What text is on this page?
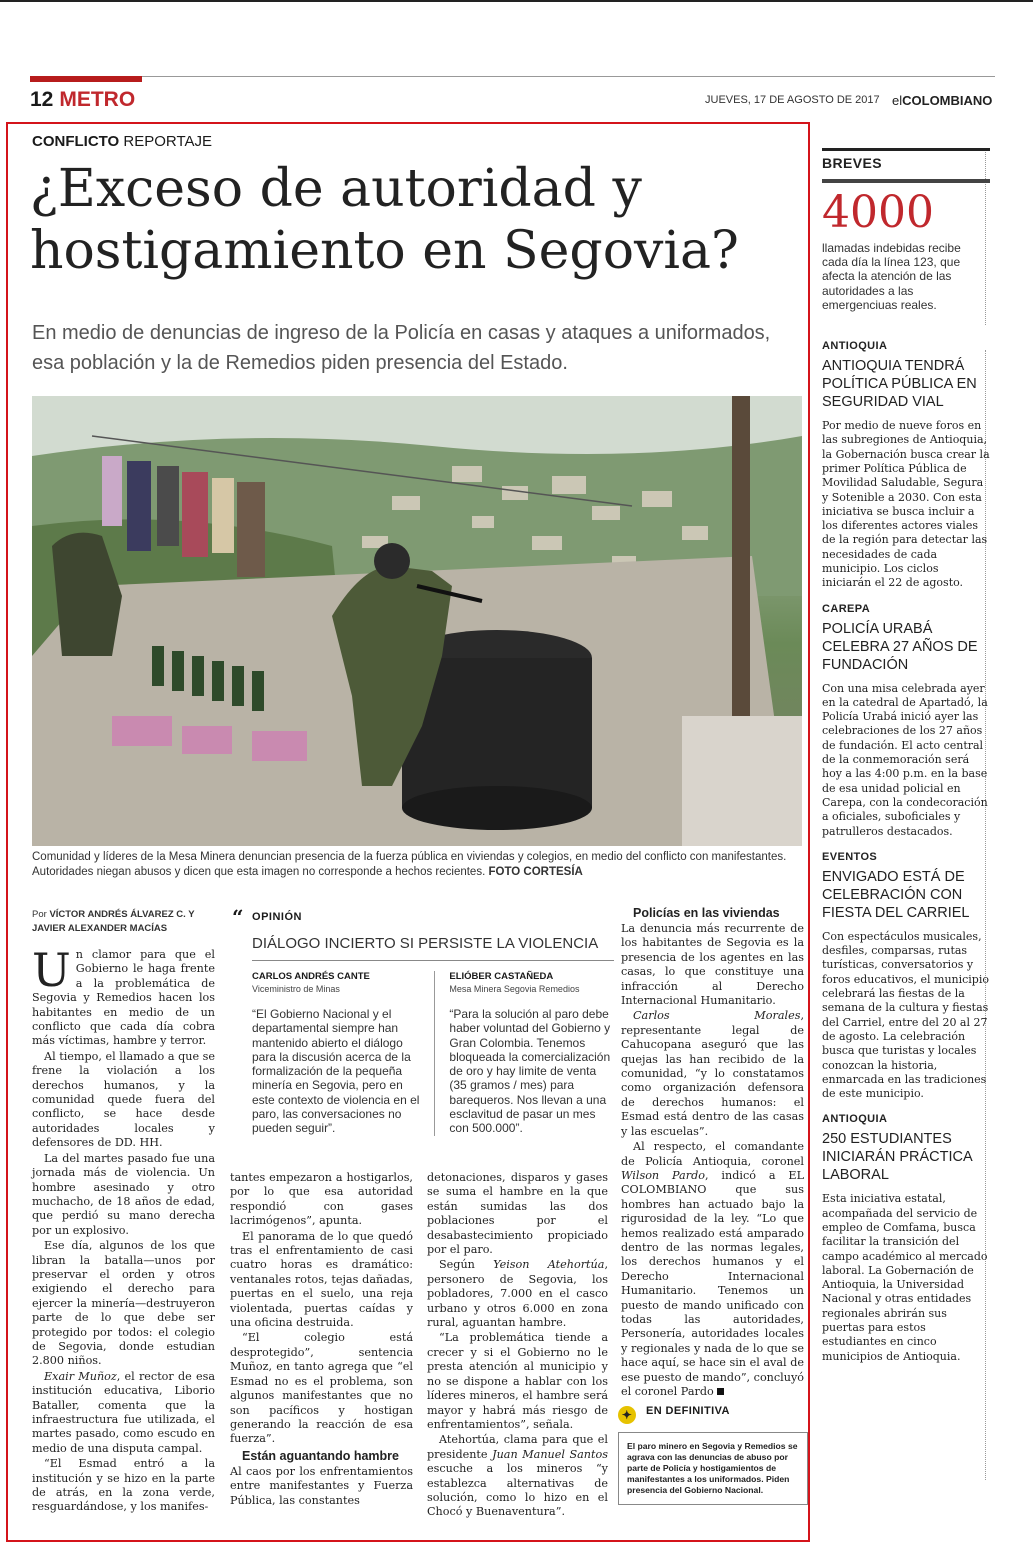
12 METRO	JUEVES, 17 DE AGOSTO DE 2017 elCOLOMBIANO
CONFLICTO REPORTAJE
¿Exceso de autoridad y hostigamiento en Segovia?
En medio de denuncias de ingreso de la Policía en casas y ataques a uniformados, esa población y la de Remedios piden presencia del Estado.
Comunidad y líderes de la Mesa Minera denuncian presencia de la fuerza pública en viviendas y colegios, en medio del conflicto con manifestantes. Autoridades niegan abusos y dicen que esta imagen no corresponde a hechos recientes. FOTO CORTESÍA
Por VÍCTOR ANDRÉS ÁLVAREZ C. Y JAVIER ALEXANDER MACÍAS

Un clamor para que el Gobierno le haga frente a la problemática de Segovia y Remedios hacen los habitantes en medio de un conflicto que cada día cobra más víctimas, hambre y terror.

Al tiempo, el llamado a que se frene la violación a los derechos humanos, y la comunidad quede fuera del conflicto, se hace desde autoridades locales y defensores de DD. HH.

La del martes pasado fue una jornada más de violencia. Un hombre asesinado y otro muchacho, de 18 años de edad, que perdió su mano derecha por un explosivo.

Ese día, algunos de los que libran la batalla—unos por preservar el orden y otros exigiendo el derecho para ejercer la minería—destruyeron parte de lo que debe ser protegido por todos: el colegio de Segovia, donde estudian 2.800 niños.

Exair Muñoz, el rector de esa institución educativa, Liborio Bataller, comenta que la infraestructura fue utilizada, el martes pasado, como escudo en medio de una disputa campal.

“El Esmad entró a la institución y se hizo en la parte de atrás, en la zona verde, resguardándose, y los manifes-

“ OPINIÓN
DIÁLOGO INCIERTO SI PERSISTE LA VIOLENCIA
CARLOS ANDRÉS CANTE
Viceministro de Minas
“El Gobierno Nacional y el departamental siempre han mantenido abierto el diálogo para la discusión acerca de la formalización de la pequeña minería en Segovia, pero en este contexto de violencia en el paro, las conversaciones no pueden seguir”.
ELIÓBER CASTAÑEDA
Mesa Minera Segovia Remedios
“Para la solución al paro debe haber voluntad del Gobierno y Gran Colombia. Tenemos bloqueada la comercialización de oro y hay limite de venta (35 gramos / mes) para barequeros. Nos llevan a una esclavitud de pasar un mes con 500.000”.

tantes empezaron a hostigarlos, por lo que esa autoridad respondió con gases lacrimógenos”, apunta.

El panorama de lo que quedó tras el enfrentamiento de casi cuatro horas es dramático: ventanales rotos, tejas dañadas, puertas en el suelo, una reja violentada, puertas caídas y una oficina destruida.

“El colegio está desprotegido”, sentencia Muñoz, en tanto agrega que “el Esmad no es el problema, son algunos manifestantes que no son pacíficos y hostigan generando la reacción de esa fuerza”.

Están aguantando hambre

Al caos por los enfrentamientos entre manifestantes y Fuerza Pública, las constantes

detonaciones, disparos y gases se suma el hambre en la que están sumidas las dos poblaciones por el desabastecimiento propiciado por el paro.

Según Yeison Atehortúa, personero de Segovia, los pobladores, 7.000 en el casco urbano y otros 6.000 en zona rural, aguantan hambre.

“La problemática tiende a crecer y si el Gobierno no le presta atención al municipio y no se dispone a hablar con los líderes mineros, el hambre será mayor y habrá más riesgo de enfrentamientos”, señala.

Atehortúa, clama para que el presidente Juan Manuel Santos escuche a los mineros “y establezca alternativas de solución, como lo hizo en el Chocó y Buenaventura”.

Policías en las viviendas

La denuncia más recurrente de los habitantes de Segovia es la presencia de los agentes en las casas, lo que constituye una infracción al Derecho Internacional Humanitario.

Carlos Morales, representante legal de Cahucopana aseguró que las quejas las han recibido de la comunidad, “y lo constatamos como organización defensora de derechos humanos: el Esmad está dentro de las casas y las escuelas”.

Al respecto, el comandante de Policía Antioquia, coronel Wilson Pardo, indicó a EL COLOMBIANO que sus hombres han actuado bajo la rigurosidad de la ley. “Lo que hemos realizado está amparado dentro de las normas legales, los derechos humanos y el Derecho Internacional Humanitario. Tenemos un puesto de mando unificado con todas las autoridades, Personería, autoridades locales y regionales y nada de lo que se hace aquí, se hace sin el aval de ese puesto de mando”, concluyó el coronel Pardo

✦ EN DEFINITIVA
El paro minero en Segovia y Remedios se agrava con las denuncias de abuso por parte de Policía y hostigamientos de manifestantes a los uniformados. Piden presencia del Gobierno Nacional.
BREVES
4000
llamadas indebidas recibe cada día la línea 123, que afecta la atención de las autoridades a las emergenciuas reales.
ANTIOQUIA
ANTIOQUIA TENDRÁ POLÍTICA PÚBLICA EN SEGURIDAD VIAL
Por medio de nueve foros en las subregiones de Antioquia, la Gobernación busca crear la primer Política Pública de Movilidad Saludable, Segura y Sotenible a 2030. Con esta iniciativa se busca incluir a los diferentes actores viales de la región para detectar las necesidades de cada municipio. Los ciclos iniciarán el 22 de agosto.
CAREPA
POLICÍA URABÁ CELEBRA 27 AÑOS DE FUNDACIÓN
Con una misa celebrada ayer en la catedral de Apartadó, la Policía Urabá inició ayer las celebraciones de los 27 años de fundación. El acto central de la conmemoración será hoy a las 4:00 p.m. en la base de esa unidad policial en Carepa, con la condecoración a oficiales, suboficiales y patrulleros destacados.
EVENTOS
ENVIGADO ESTÁ DE CELEBRACIÓN CON FIESTA DEL CARRIEL
Con espectáculos musicales, desfiles, comparsas, rutas turísticas, conversatorios y foros educativos, el municipio celebrará las fiestas de la semana de la cultura y fiestas del Carriel, entre del 20 al 27 de agosto. La celebración busca que turistas y locales conozcan la historia, enmarcada en las tradiciones de este municipio.
ANTIOQUIA
250 ESTUDIANTES INICIARÁN PRÁCTICA LABORAL
Esta iniciativa estatal, acompañada del servicio de empleo de Comfama, busca facilitar la transición del campo académico al mercado laboral. La Gobernación de Antioquia, la Universidad Nacional y otras entidades regionales abrirán sus puertas para estos estudiantes en cinco municipios de Antioquia.
